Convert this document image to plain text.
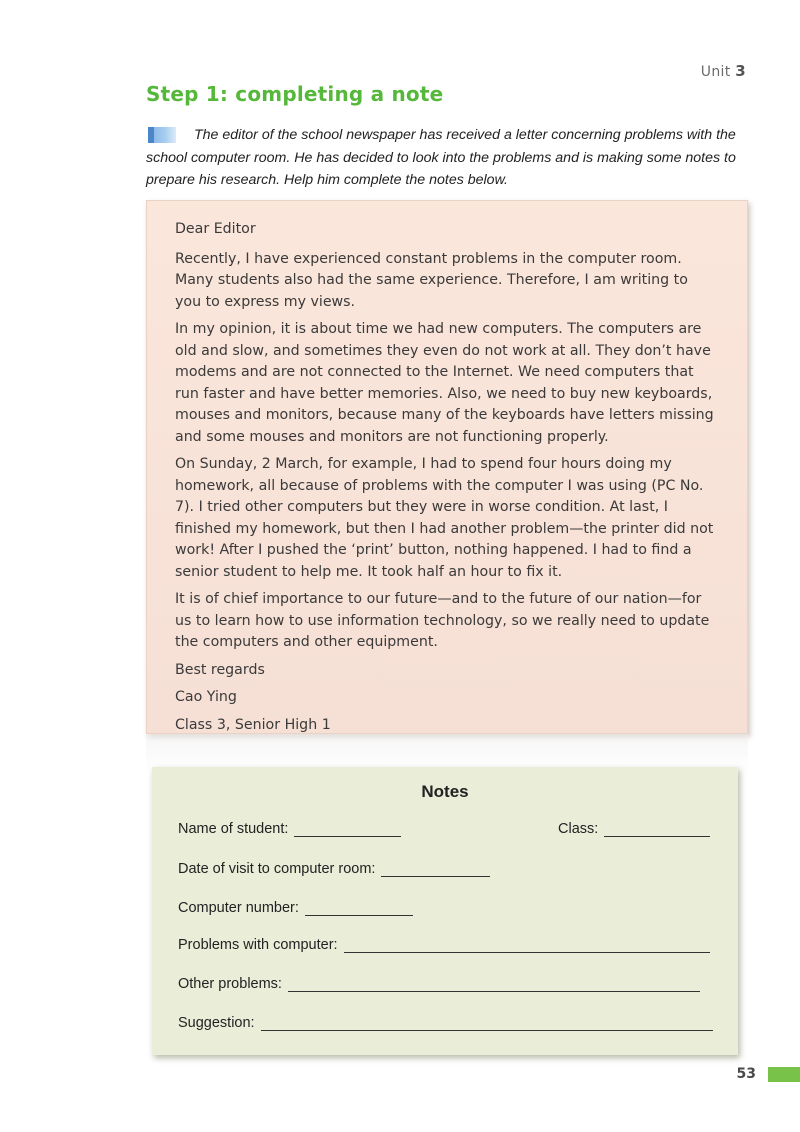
Unit 3
Step 1: completing a note
The editor of the school newspaper has received a letter concerning problems with the school computer room. He has decided to look into the problems and is making some notes to prepare his research. Help him complete the notes below.

Dear Editor

Recently, I have experienced constant problems in the computer room. Many students also had the same experience. Therefore, I am writing to you to express my views.

In my opinion, it is about time we had new computers. The computers are old and slow, and sometimes they even do not work at all. They don’t have modems and are not connected to the Internet. We need computers that run faster and have better memories. Also, we need to buy new keyboards, mouses and monitors, because many of the keyboards have letters missing and some mouses and monitors are not functioning properly.

On Sunday, 2 March, for example, I had to spend four hours doing my homework, all because of problems with the computer I was using (PC No. 7). I tried other computers but they were in worse condition. At last, I finished my homework, but then I had another problem—the printer did not work! After I pushed the ‘print’ button, nothing happened. I had to find a senior student to help me. It took half an hour to fix it.

It is of chief importance to our future—and to the future of our nation—for us to learn how to use information technology, so we really need to update the computers and other equipment.

Best regards

Cao Ying

Class 3, Senior High 1

Notes
Name of student:	Class:
Date of visit to computer room:
Computer number:
Problems with computer:
Other problems:
Suggestion:
53
